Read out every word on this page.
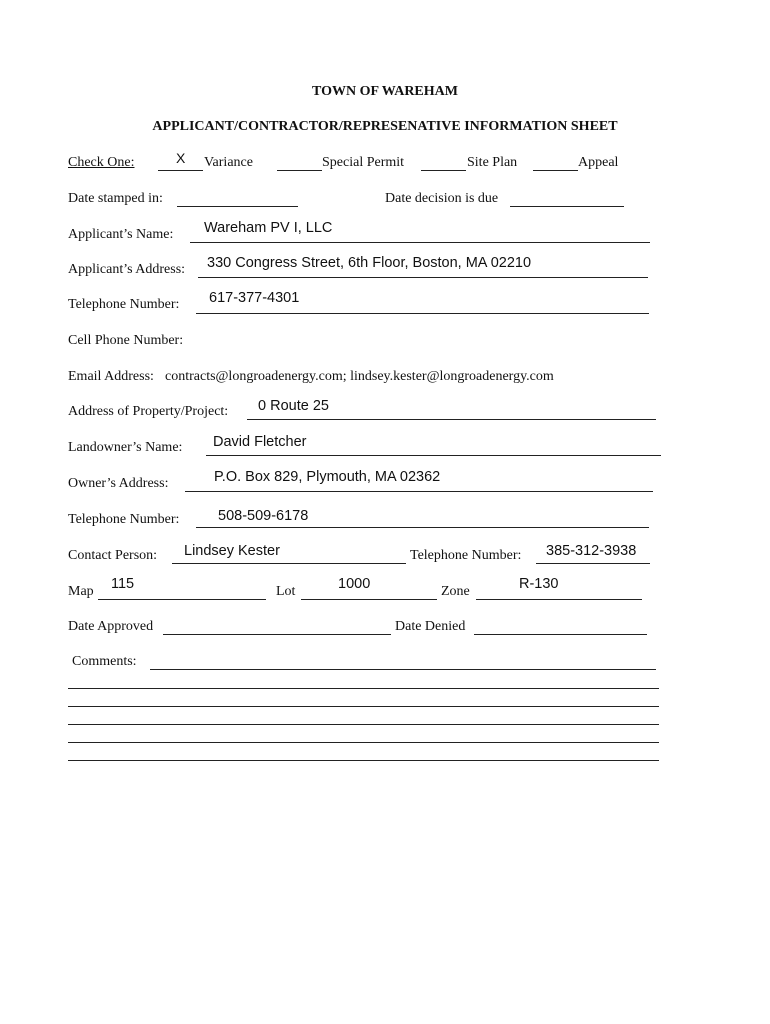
TOWN OF WAREHAM
APPLICANT/CONTRACTOR/REPRESENATIVE INFORMATION SHEET
Check One:	X Variance	Special Permit	Site Plan	Appeal
Date stamped in:	Date decision is due
Applicant’s Name: Wareham PV I, LLC
Applicant’s Address: 330 Congress Street, 6th Floor, Boston, MA 02210
Telephone Number: 617-377-4301
Cell Phone Number:
Email Address: contracts@longroadenergy.com; lindsey.kester@longroadenergy.com
Address of Property/Project: 0 Route 25
Landowner’s Name: David Fletcher
Owner’s Address:	P.O. Box 829, Plymouth, MA 02362
Telephone Number:	508-509-6178
Contact Person: Lindsey Kester	Telephone Number: 385-312-3938
Map 115	Lot	1000	Zone	R-130
Date Approved	Date Denied
Comments:
